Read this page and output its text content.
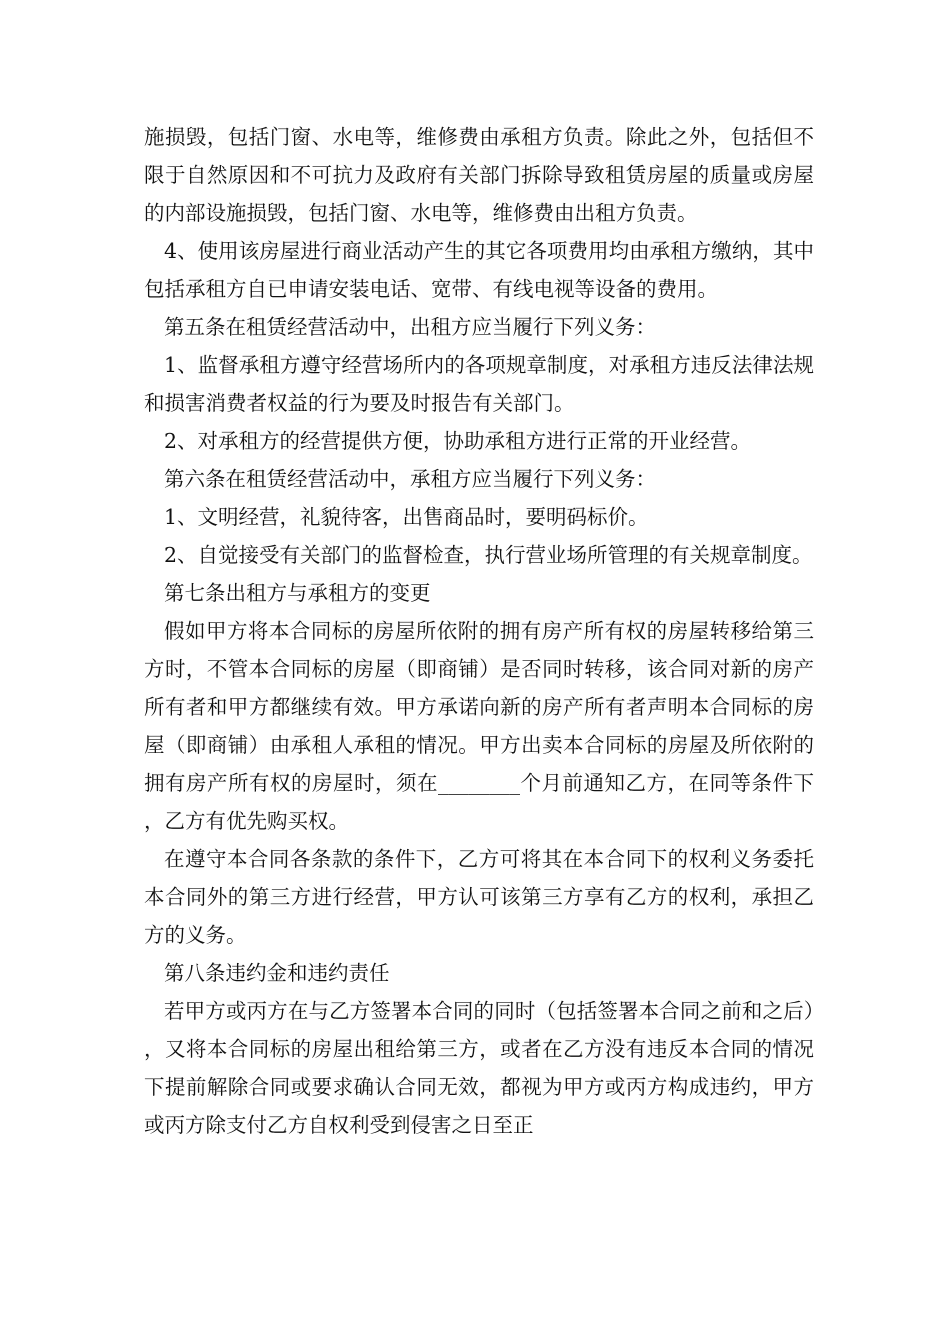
施损毁，包括门窗、水电等，维修费由承租方负责。除此之外，包括但不限于自然原因和不可抗力及政府有关部门拆除导致租赁房屋的质量或房屋的内部设施损毁，包括门窗、水电等，维修费由出租方负责。

4、使用该房屋进行商业活动产生的其它各项费用均由承租方缴纳，其中包括承租方自已申请安装电话、宽带、有线电视等设备的费用。

第五条在租赁经营活动中，出租方应当履行下列义务：

1、监督承租方遵守经营场所内的各项规章制度，对承租方违反法律法规和损害消费者权益的行为要及时报告有关部门。

2、对承租方的经营提供方便，协助承租方进行正常的开业经营。

第六条在租赁经营活动中，承租方应当履行下列义务：

1、文明经营，礼貌待客，出售商品时，要明码标价。

2、自觉接受有关部门的监督检查，执行营业场所管理的有关规章制度。

第七条出租方与承租方的变更

假如甲方将本合同标的房屋所依附的拥有房产所有权的房屋转移给第三方时，不管本合同标的房屋（即商铺）是否同时转移，该合同对新的房产所有者和甲方都继续有效。甲方承诺向新的房产所有者声明本合同标的房屋（即商铺）由承租人承租的情况。甲方出卖本合同标的房屋及所依附的拥有房产所有权的房屋时，须在________个月前通知乙方，在同等条件下，乙方有优先购买权。

在遵守本合同各条款的条件下，乙方可将其在本合同下的权利义务委托本合同外的第三方进行经营，甲方认可该第三方享有乙方的权利，承担乙方的义务。

第八条违约金和违约责任

若甲方或丙方在与乙方签署本合同的同时（包括签署本合同之前和之后），又将本合同标的房屋出租给第三方，或者在乙方没有违反本合同的情况下提前解除合同或要求确认合同无效，都视为甲方或丙方构成违约，甲方或丙方除支付乙方自权利受到侵害之日至正
